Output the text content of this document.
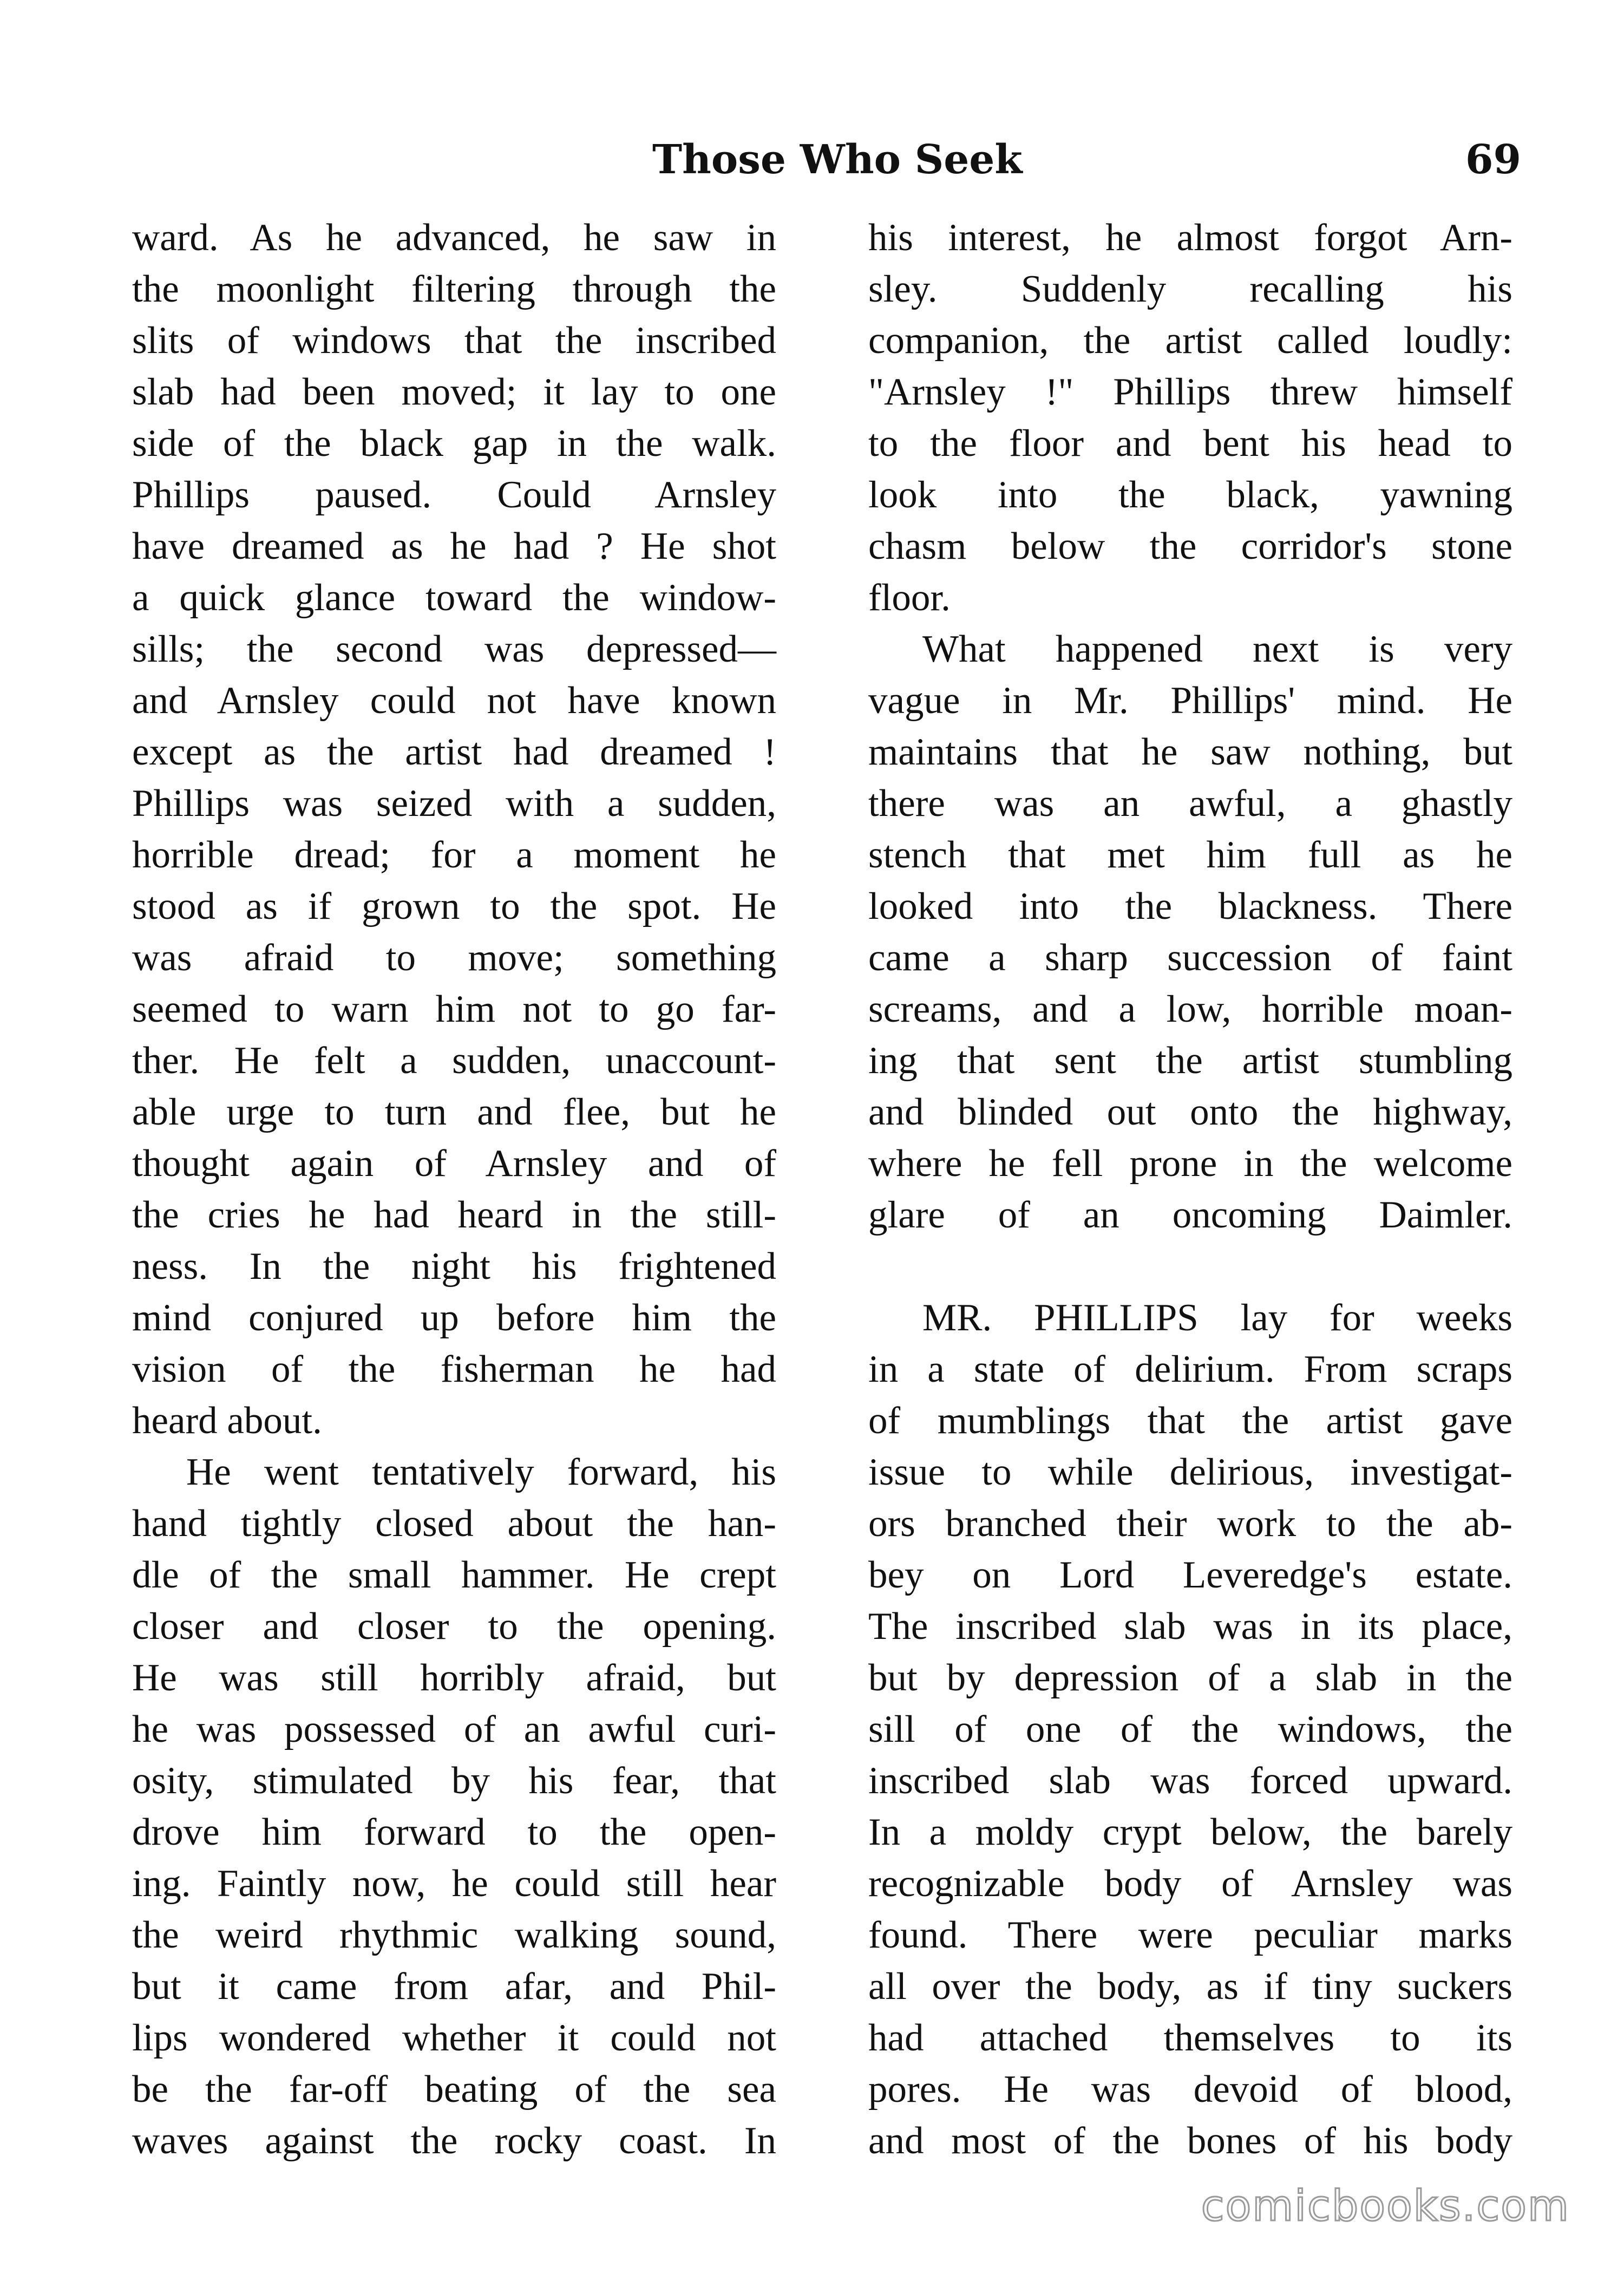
Those Who Seek	69
ward. As he advanced, he saw in
the moonlight filtering through the
slits of windows that the inscribed
slab had been moved; it lay to one
side of the black gap in the walk.
Phillips paused. Could Arnsley
have dreamed as he had ? He shot
a quick glance toward the window-
sills; the second was depressed—
and Arnsley could not have known
except as the artist had dreamed !
Phillips was seized with a sudden,
horrible dread; for a moment he
stood as if grown to the spot. He
was afraid to move; something
seemed to warn him not to go far-
ther. He felt a sudden, unaccount-
able urge to turn and flee, but he
thought again of Arnsley and of
the cries he had heard in the still-
ness. In the night his frightened
mind conjured up before him the
vision of the fisherman he had
heard about.
He went tentatively forward, his
hand tightly closed about the han-
dle of the small hammer. He crept
closer and closer to the opening.
He was still horribly afraid, but
he was possessed of an awful curi-
osity, stimulated by his fear, that
drove him forward to the open-
ing. Faintly now, he could still hear
the weird rhythmic walking sound,
but it came from afar, and Phil-
lips wondered whether it could not
be the far-off beating of the sea
waves against the rocky coast. In
his interest, he almost forgot Arn-
sley. Suddenly recalling his
companion, the artist called loudly:
"Arnsley !" Phillips threw himself
to the floor and bent his head to
look into the black, yawning
chasm below the corridor's stone
floor.
What happened next is very
vague in Mr. Phillips' mind. He
maintains that he saw nothing, but
there was an awful, a ghastly
stench that met him full as he
looked into the blackness. There
came a sharp succession of faint
screams, and a low, horrible moan-
ing that sent the artist stumbling
and blinded out onto the highway,
where he fell prone in the welcome
glare of an oncoming Daimler.
MR. PHILLIPS lay for weeks
in a state of delirium. From scraps
of mumblings that the artist gave
issue to while delirious, investigat-
ors branched their work to the ab-
bey on Lord Leveredge's estate.
The inscribed slab was in its place,
but by depression of a slab in the
sill of one of the windows, the
inscribed slab was forced upward.
In a moldy crypt below, the barely
recognizable body of Arnsley was
found. There were peculiar marks
all over the body, as if tiny suckers
had attached themselves to its
pores. He was devoid of blood,
and most of the bones of his body
comicbooks.com
